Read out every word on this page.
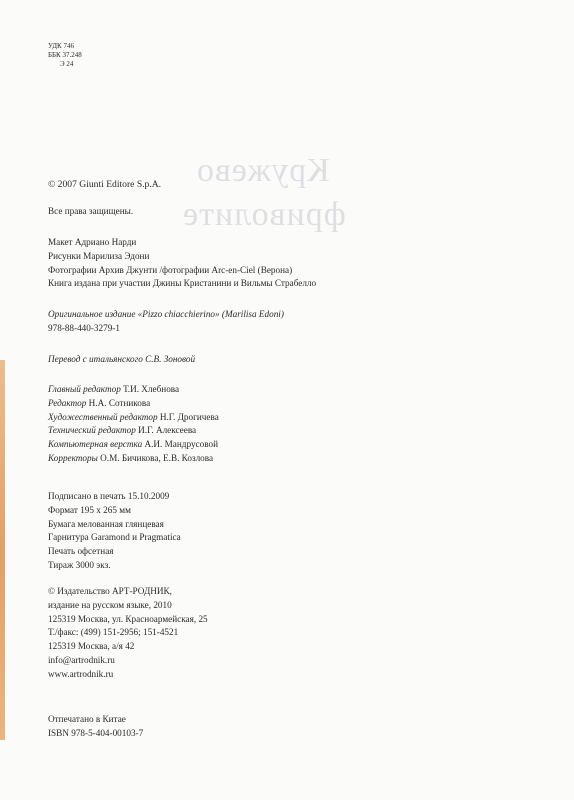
Кружево
фриволите
УДК 746
ББК 37.248
Э 24
© 2007 Giunti Editore S.p.A.
Все права защищены.
Макет Адриано Нарди
Рисунки Марилиза Эдони
Фотографии Архив Джунти /фотографии Arc-en-Ciel (Верона)
Книга издана при участии Джины Кристанини и Вильмы Страбелло
Оригинальное издание «Pizzo chiacchierino» (Marilisa Edoni)
978-88-440-3279-1
Перевод с итальянского С.В. Зоновой
Главный редактор Т.И. Хлебнова
Редактор Н.А. Сотникова
Художественный редактор Н.Г. Дрогичева
Технический редактор И.Г. Алексеева
Компьютерная верстка А.И. Мандрусовой
Корректоры О.М. Бичикова, Е.В. Козлова
Подписано в печать 15.10.2009
Формат 195 х 265 мм
Бумага мелованная глянцевая
Гарнитура Garamond и Pragmatica
Печать офсетная
Тираж 3000 экз.
© Издательство АРТ-РОДНИК,
издание на русском языке, 2010
125319 Москва, ул. Красноармейская, 25
Т./факс: (499) 151-2956; 151-4521
125319 Москва, а/я 42
info@artrodnik.ru
www.artrodnik.ru
Отпечатано в Китае
ISBN 978-5-404-00103-7
